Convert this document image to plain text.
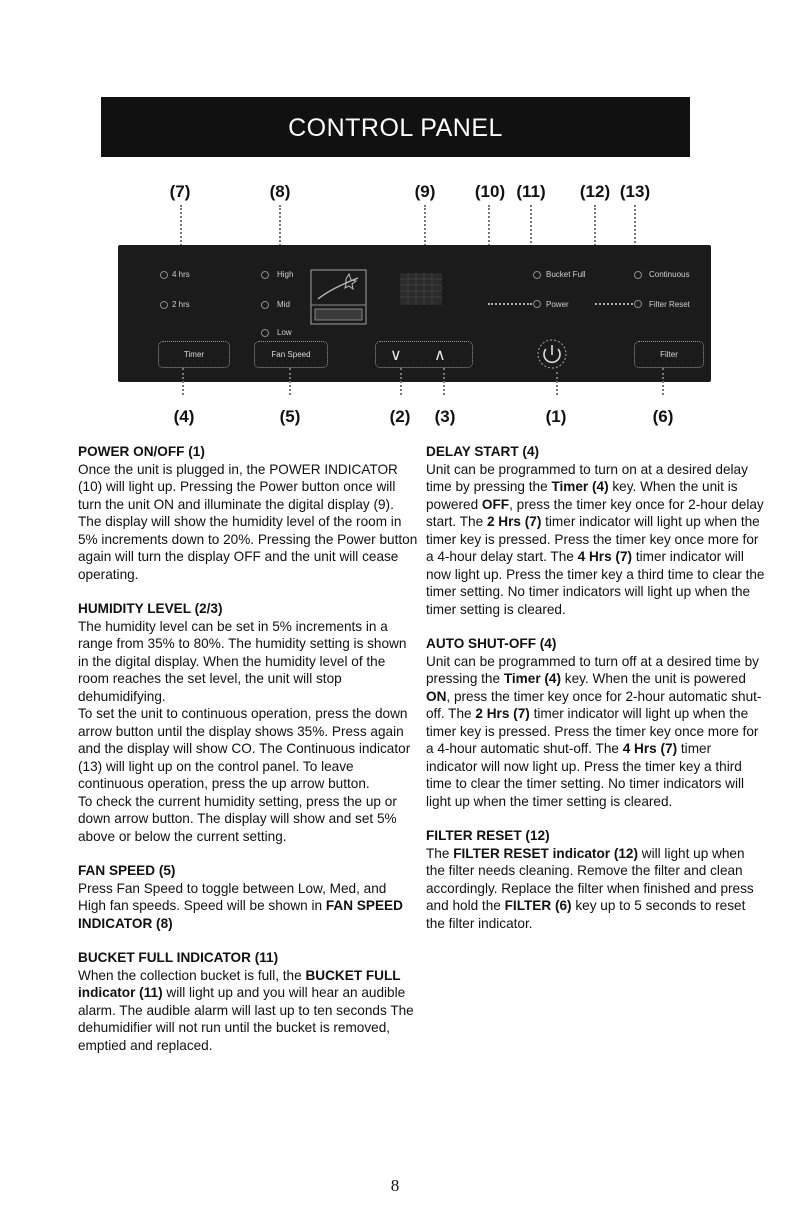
CONTROL PANEL
(7)	(8)	(9) (10) (11) (12) (13)
4 hrs
2 hrs
High
Mid
Low
Bucket Full
Power
Continuous
Filter Reset
Timer	Fan Speed	∨ ∧	Filter
(4)	(5)	(2) (3)	(1)	(6)
POWER ON/OFF (1)

Once the unit is plugged in, the POWER INDICATOR (10) will light up. Pressing the Power button once will turn the unit ON and illuminate the digital display (9). The display will show the humidity level of the room in 5% increments down to 20%. Pressing the Power button again will turn the display OFF and the unit will cease operating.

HUMIDITY LEVEL (2/3)

The humidity level can be set in 5% increments in a range from 35% to 80%. The humidity setting is shown in the digital display. When the humidity level of the room reaches the set level, the unit will stop dehumidifying.

To set the unit to continuous operation, press the down arrow button until the display shows 35%. Press again and the display will show CO. The Continuous indicator (13) will light up on the control panel. To leave continuous operation, press the up arrow button.

To check the current humidity setting, press the up or down arrow button. The display will show and set 5% above or below the current setting.

FAN SPEED (5)

Press Fan Speed to toggle between Low, Med, and High fan speeds. Speed will be shown in FAN SPEED INDICATOR (8)

BUCKET FULL INDICATOR (11)

When the collection bucket is full, the BUCKET FULL indicator (11) will light up and you will hear an audible alarm. The audible alarm will last up to ten seconds The dehumidifier will not run until the bucket is removed, emptied and replaced.

DELAY START (4)

Unit can be programmed to turn on at a desired delay time by pressing the Timer (4) key. When the unit is powered OFF, press the timer key once for 2-hour delay start. The 2 Hrs (7) timer indicator will light up when the timer key is pressed. Press the timer key once more for a 4-hour delay start. The 4 Hrs (7) timer indicator will now light up. Press the timer key a third time to clear the timer setting. No timer indicators will light up when the timer setting is cleared.

AUTO SHUT-OFF (4)

Unit can be programmed to turn off at a desired time by pressing the Timer (4) key. When the unit is powered ON, press the timer key once for 2-hour automatic shut-off. The 2 Hrs (7) timer indicator will light up when the timer key is pressed. Press the timer key once more for a 4-hour automatic shut-off. The 4 Hrs (7) timer indicator will now light up. Press the timer key a third time to clear the timer setting. No timer indicators will light up when the timer setting is cleared.

FILTER RESET (12)

The FILTER RESET indicator (12) will light up when the filter needs cleaning. Remove the filter and clean accordingly. Replace the filter when finished and press and hold the FILTER (6) key up to 5 seconds to reset the filter indicator.

8
